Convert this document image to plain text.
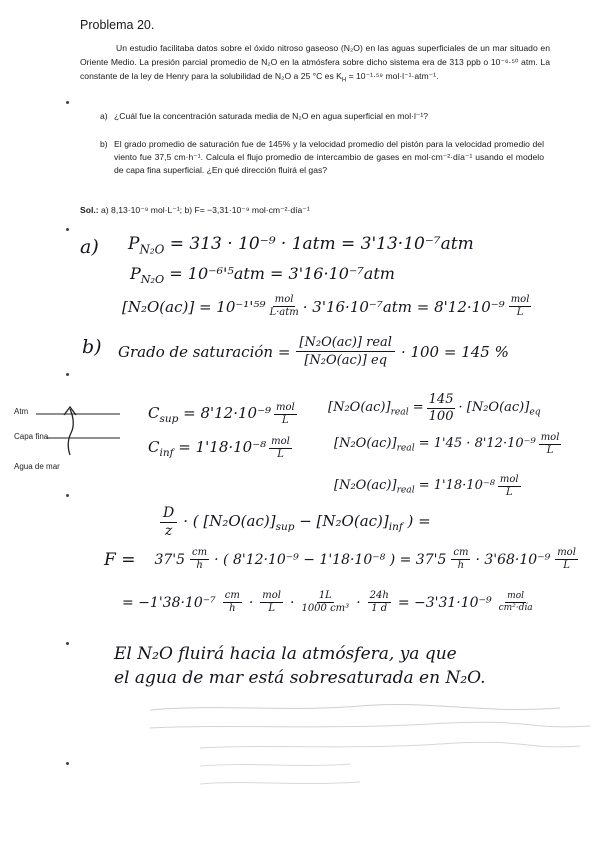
Problema 20.

Un estudio facilitaba datos sobre el óxido nitroso gaseoso (N₂O) en las aguas superficiales de un mar situado en Oriente Medio. La presión parcial promedio de N₂O en la atmósfera sobre dicho sistema era de 313 ppb o 10⁻⁶·⁵⁰ atm. La constante de la ley de Henry para la solubilidad de N₂O a 25 °C es $K_H = 10^{-1}\cdot^{59}$ mol·l⁻¹·atm⁻¹.

a) ¿Cuál fue la concentración saturada media de N₂O en agua superficial en mol·l⁻¹?
b) El grado promedio de saturación fue de 145% y la velocidad promedio del pistón para la velocidad promedio del viento fue 37,5 cm·h⁻¹. Calcula el flujo promedio de intercambio de gases en mol·cm⁻²·día⁻¹ usando el modelo de capa fina superficial. ¿En qué dirección fluirá el gas?
Sol.: a) 8,13·10⁻⁹ mol·L⁻¹; b) F= −3,31·10⁻⁹ mol·cm⁻²·día⁻¹
a) $P_{N_2O} = 313 \cdot 10^{-9} \cdot 1atm = 3'13\cdot 10^{-7}atm$
$P_{N_2O} = 10^{-6}'^5atm = 3'16\cdot 10^{-7}atm$
[N₂O(ac)] = 10⁻¹'⁵⁹ mol
L·atm · 3'16·10⁻⁷atm = 8'12·10⁻⁹ mol
L
b) Grado de saturación = [N₂O(ac)] real
[N₂O(ac)] eq · 100 = 145 %
Atm
Capa fina
Agua de mar
$C_{sup} = 8'12\cdot 10^{-9}$ mol
L
$C_{inf} = 1'18\cdot 10^{-8}$ mol
L
$[N_2O(ac)]_{real} = \frac{145}{100} \cdot [N_2O(ac)]_{eq}$
$[N_2O(ac)]_{real} = 1'45 \cdot 8'12\cdot 10^{-9}$ mol
L
$[N_2O(ac)]_{real} = 1'18\cdot 10^{-8}$ mol
L
$\frac{D}{z}$ · ( $[N_2O(ac)]_{sup} - [N_2O(ac)]_{inf}$ ) =
$F = 37'5 \frac{cm}{h}$ · ( 8'12·10⁻⁹ − 1'18·10⁻⁸ ) = $37'5 \frac{cm}{h} \cdot 3'68\cdot 10^{-9}$ mol
L
= $-1'38\cdot 10^{-7} \frac{cm}{h}$ · mol
$L \cdot \frac{1L}{\text{1000 cm³}} \cdot \frac{24h}{1 d} = -3'31\cdot 10^{-9}$ mol
cm²·día
El N₂O fluirá hacia la atmósfera, ya que
el agua de mar está sobresaturada en N₂O.
